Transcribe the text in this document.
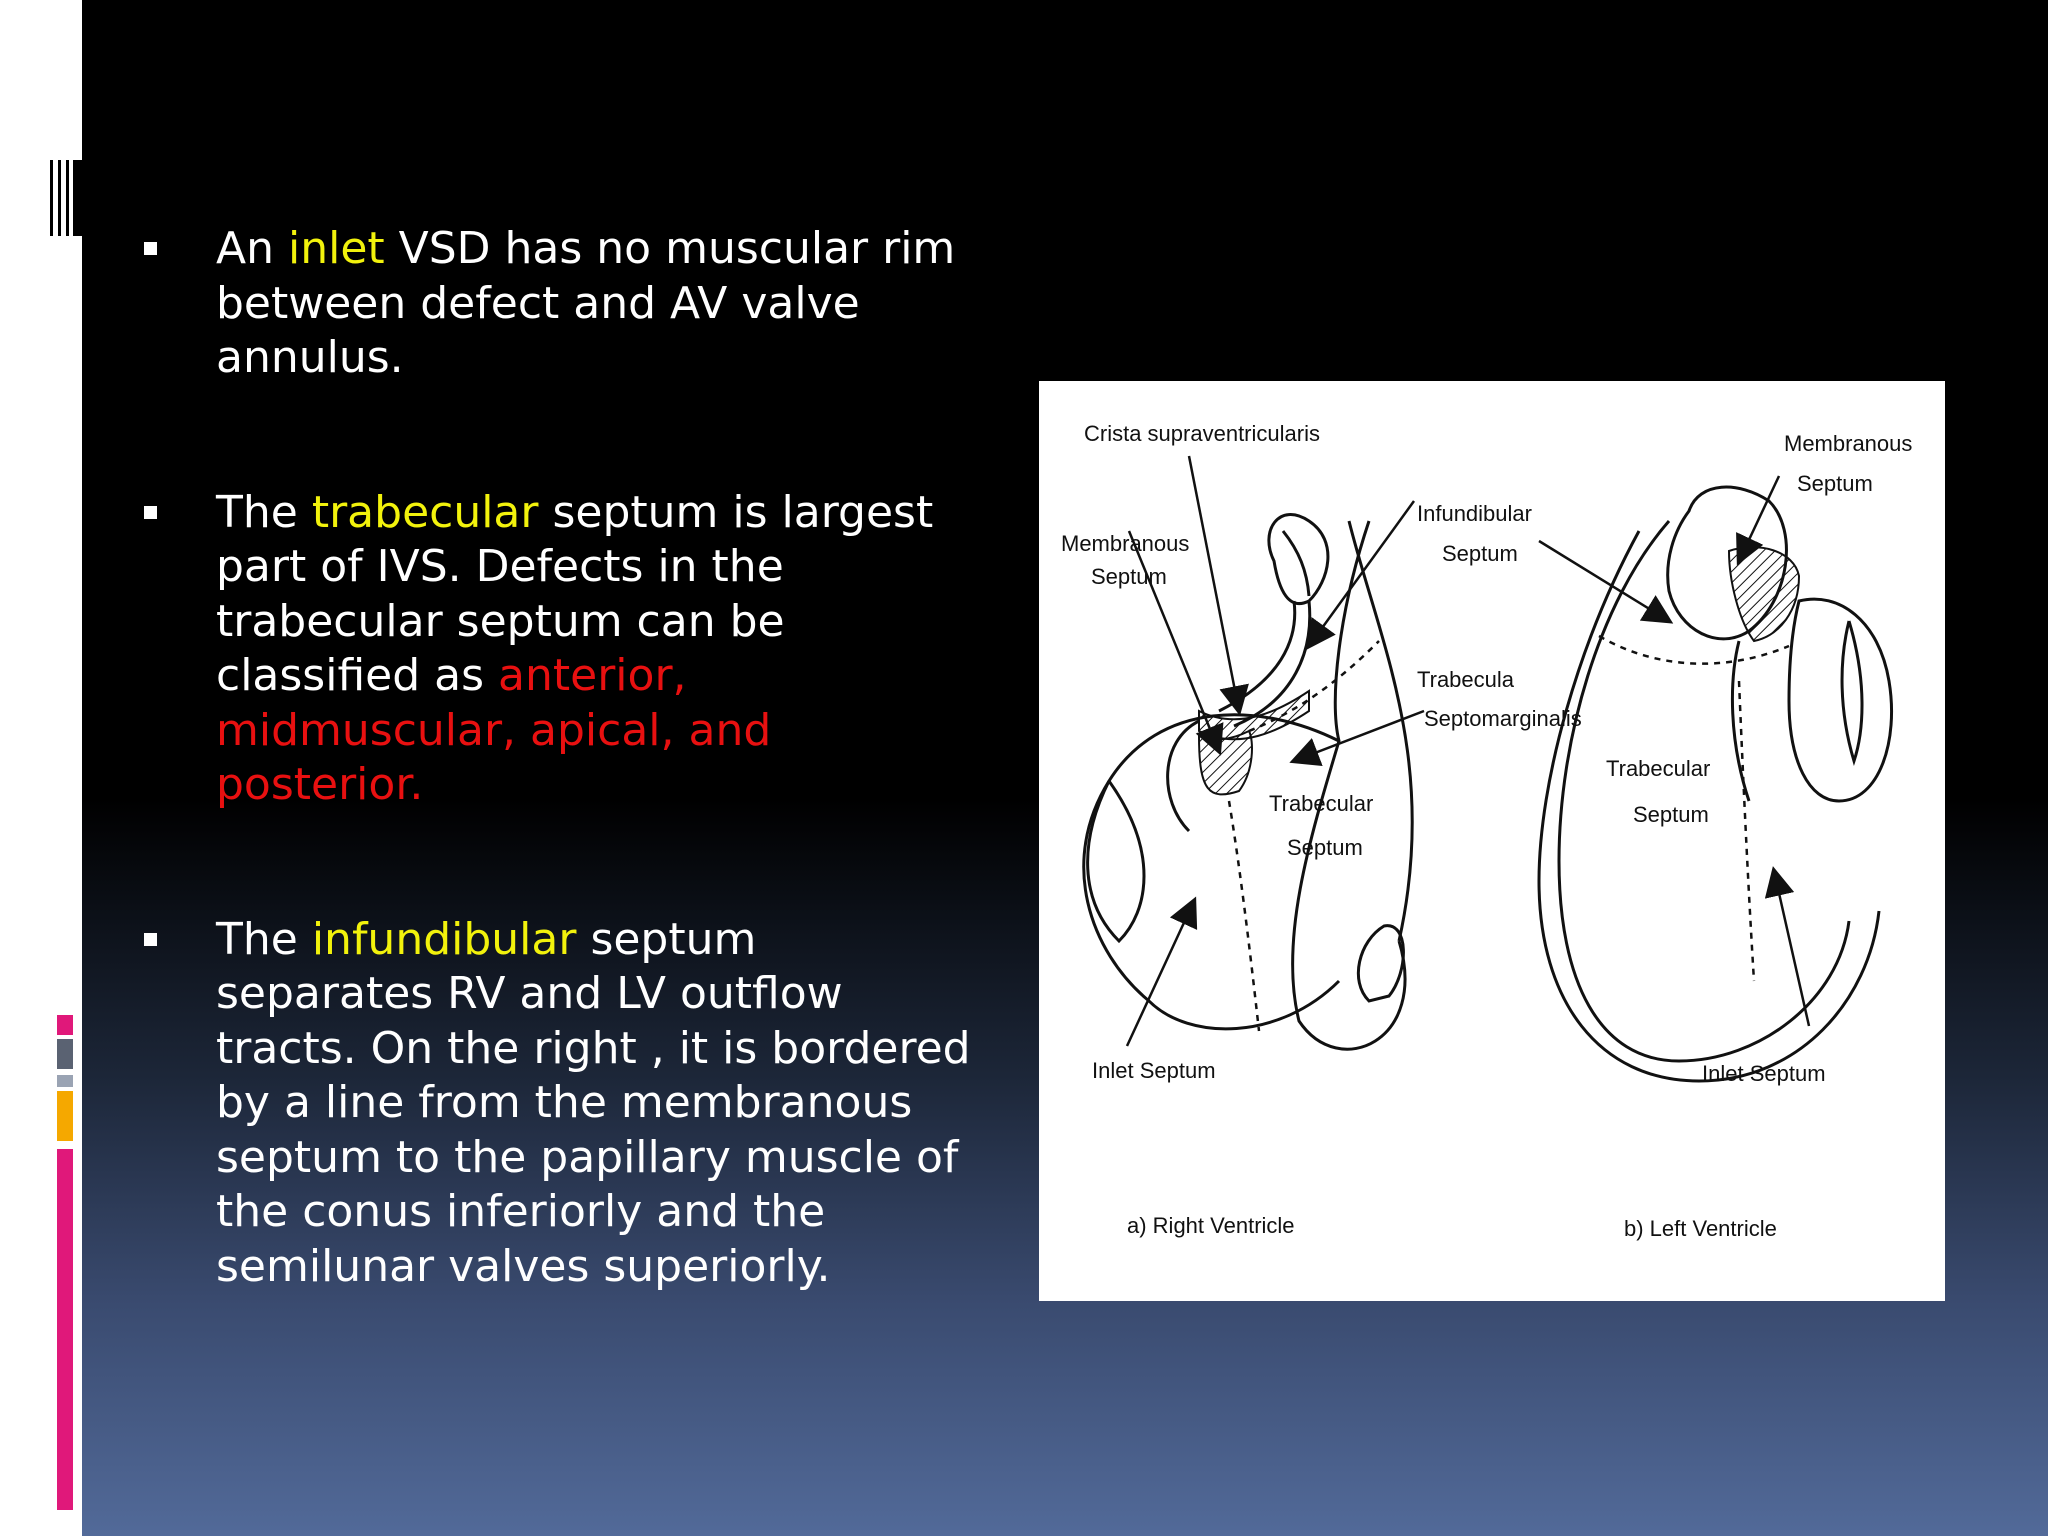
An inlet VSD has no muscular rim between defect and AV valve annulus.
The trabecular septum is largest part of IVS. Defects in the trabecular septum can be classified as anterior, midmuscular, apical, and posterior.
The infundibular septum separates RV and LV outflow tracts. On the right , it is bordered by a line from the membranous septum to the papillary muscle of the conus inferiorly and the semilunar valves superiorly.
Crista supraventricularis
Membranous
Septum
Infundibular
Septum
Trabecula
Septomarginalis
Trabecular
Septum
Inlet Septum
a) Right Ventricle
Membranous
Septum
Trabecular
Septum
Inlet Septum
b) Left Ventricle
